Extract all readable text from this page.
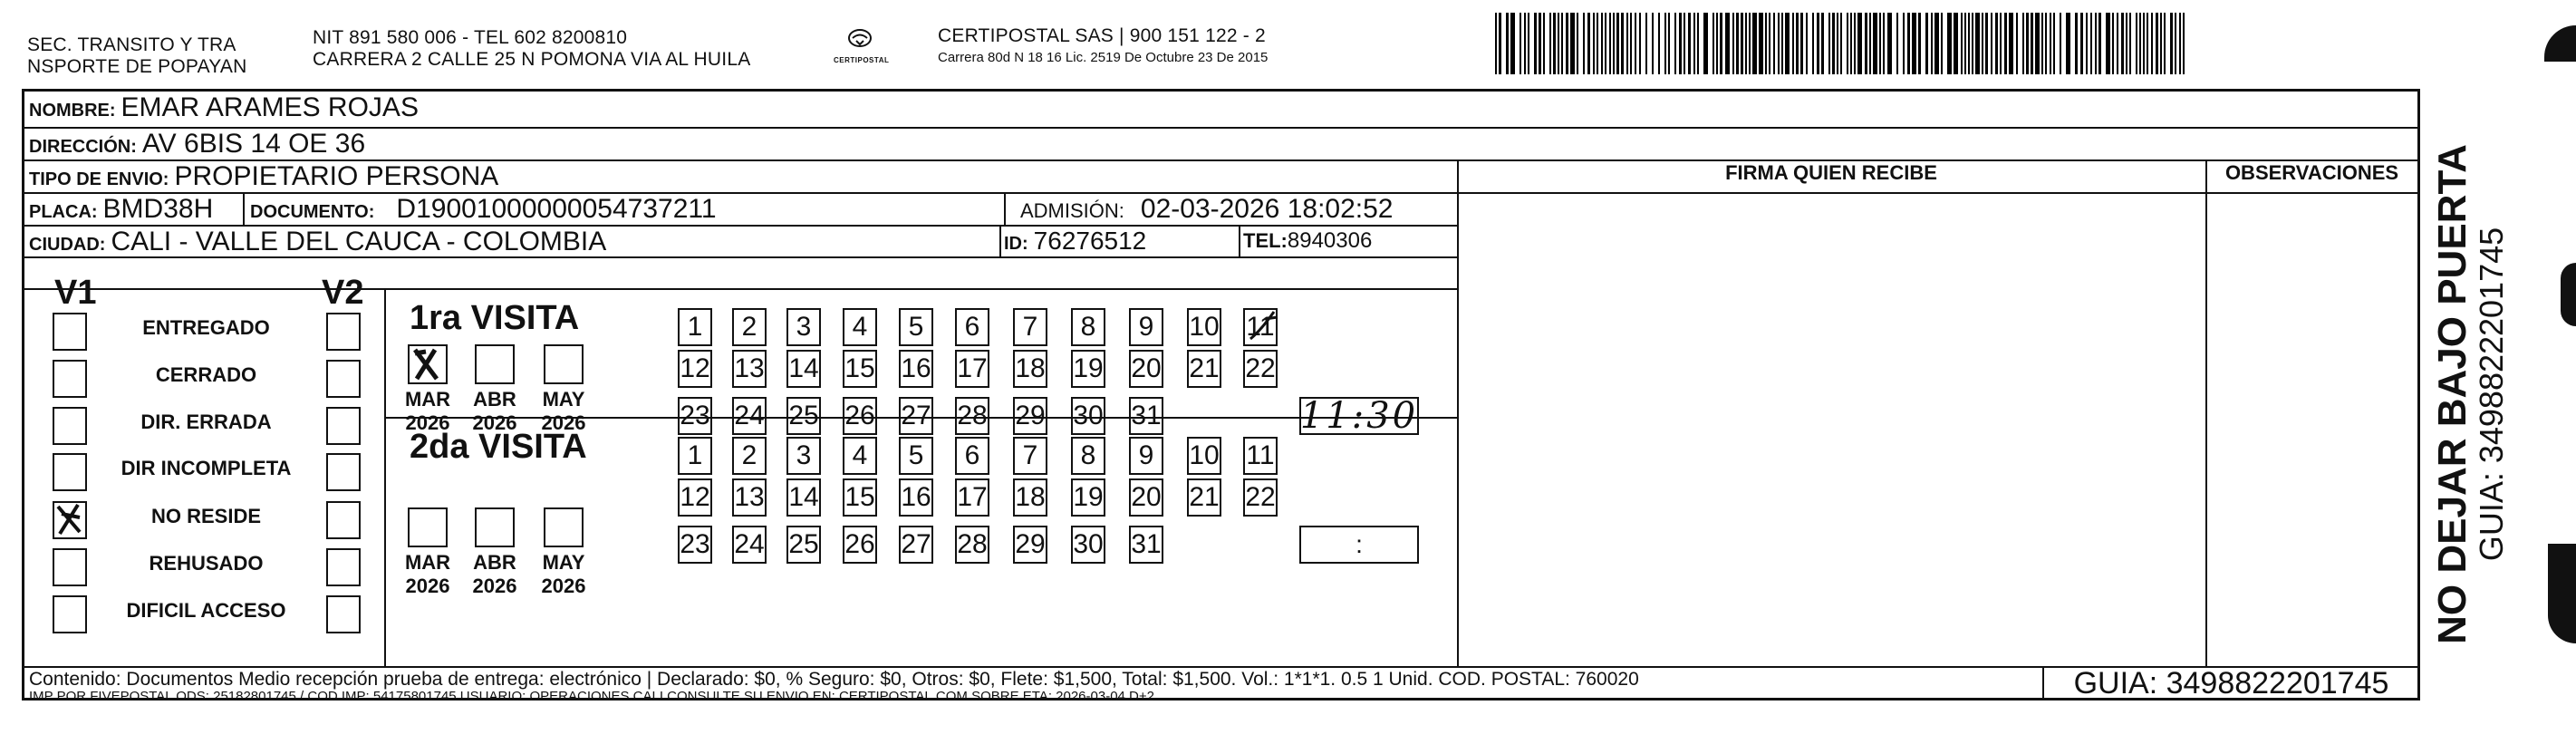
SEC. TRANSITO Y TRA
NSPORTE DE POPAYAN
NIT 891 580 006 - TEL 602 8200810
CARRERA 2 CALLE 25 N POMONA VIA AL HUILA	CERTIPOSTAL
CERTIPOSTAL SAS | 900 151 122 - 2
Carrera 80d N 18 16 Lic. 2519 De Octubre 23 De 2015
NOMBRE: EMAR ARAMES ROJAS
DIRECCIÓN: AV 6BIS 14 OE 36
TIPO DE ENVIO: PROPIETARIO PERSONA
PLACA: BMD38H DOCUMENTO: D19001000000054737211	ADMISIÓN: 02-03-2026 18:02:52
CIUDAD: CALI - VALLE DEL CAUCA - COLOMBIA	ID: 76276512	TEL: 8940306
FIRMA QUIEN RECIBE	OBSERVACIONES
V1	V2
ENTREGADO
CERRADO
DIR. ERRADA
DIR INCOMPLETA
NO RESIDE
REHUSADO
DIFICIL ACCESO
1ra VISITA
MAR
2026
ABR
2026
MAY
2026
1 2 3 4 5 6 7 8 9 10 11
12 13 14 15 16 17 18 19 20 21 22
23 24 25 26 27 28 29 30 31	11:30
2da VISITA
MAR
2026
ABR
2026
MAY
2026
1 2 3 4 5 6 7 8 9 10 11
12 13 14 15 16 17 18 19 20 21 22
23 24 25 26 27 28 29 30 31	:
Contenido: Documentos Medio recepción prueba de entrega: electrónico | Declarado: $0, % Seguro: $0, Otros: $0, Flete: $1,500, Total: $1,500. Vol.: 1*1*1. 0.5 1 Unid. COD. POSTAL: 760020
IMP POR FIVEPOSTAL ODS: 25182801745 / COD.IMP: 54175801745 USUARIO: OPERACIONES.CALI CONSULTE SU ENVIO EN: CERTIPOSTAL.COM SOBRE ETA: 2026-03-04 D+2	GUIA: 3498822201745
NO DEJAR BAJO PUERTA
GUIA: 3498822201745
